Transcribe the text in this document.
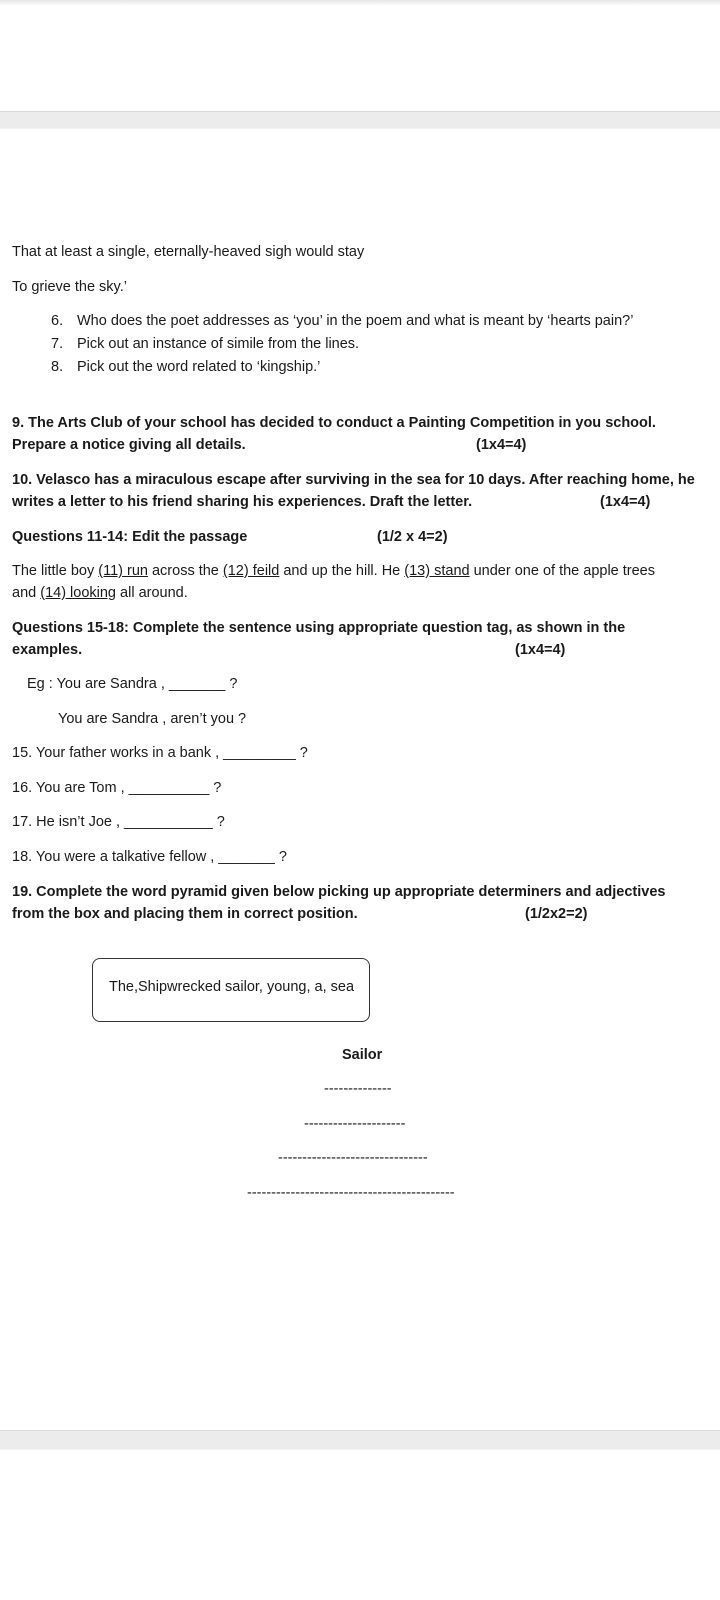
That at least a single, eternally-heaved sigh would stay
To grieve the sky.’
6. Who does the poet addresses as ‘you’ in the poem and what is meant by ‘hearts pain?’
7. Pick out an instance of simile from the lines.
8. Pick out the word related to ‘kingship.’
9. The Arts Club of your school has decided to conduct a Painting Competition in you school.
Prepare a notice giving all details.	(1x4=4)
10. Velasco has a miraculous escape after surviving in the sea for 10 days. After reaching home, he
writes a letter to his friend sharing his experiences. Draft the letter.	(1x4=4)
Questions 11-14: Edit the passage	(1/2 x 4=2)
The little boy (11) run across the (12) feild and up the hill. He (13) stand under one of the apple trees
and (14) looking all around.
Questions 15-18: Complete the sentence using appropriate question tag, as shown in the
examples.	(1x4=4)
Eg : You are Sandra , _______ ?
You are Sandra , aren’t you ?
15. Your father works in a bank , _________ ?
16. You are Tom , __________ ?
17. He isn’t Joe , ___________ ?
18. You were a talkative fellow , _______ ?
19. Complete the word pyramid given below picking up appropriate determiners and adjectives
from the box and placing them in correct position.	(1/2x2=2)
The,Shipwrecked sailor, young, a, sea
Sailor
--------------
---------------------
-------------------------------
-------------------------------------------
